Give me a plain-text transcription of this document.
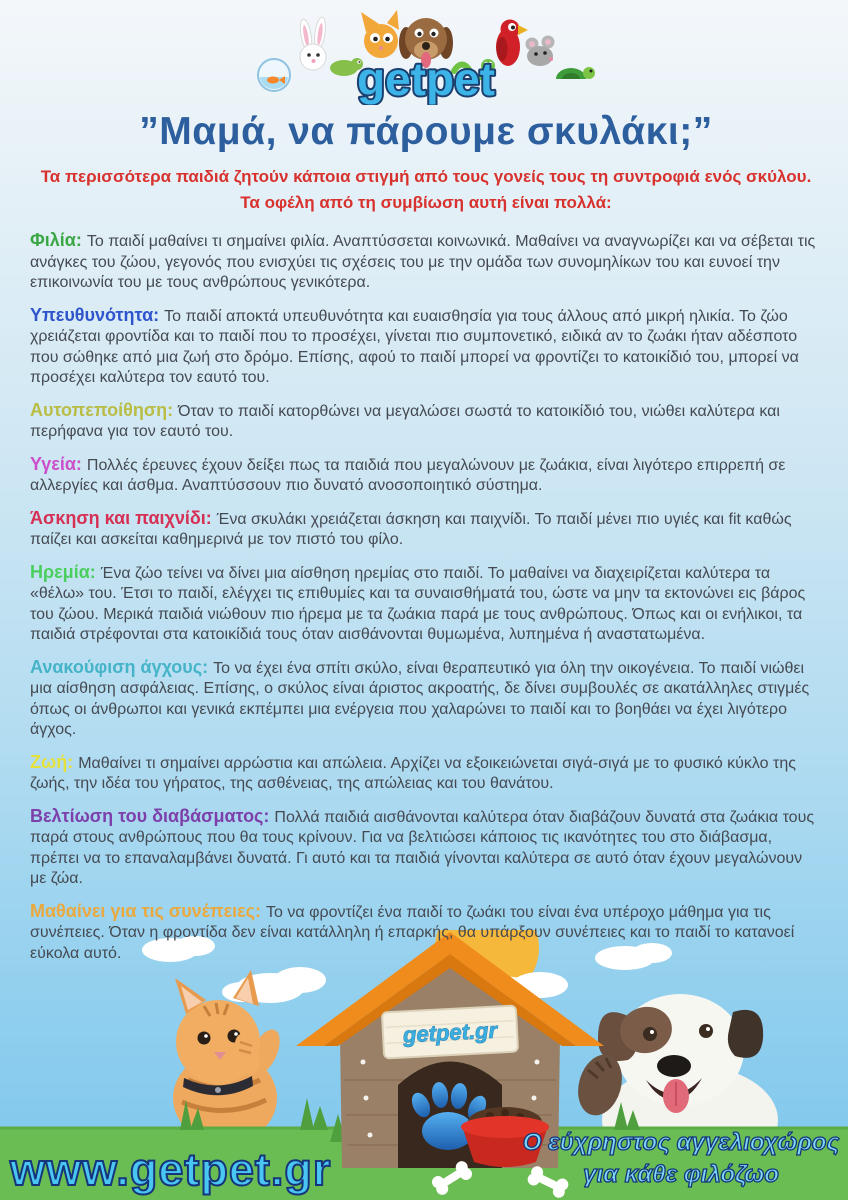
getpet
”Μαμά, να πάρουμε σκυλάκι;”
Τα περισσότερα παιδιά ζητούν κάποια στιγμή από τους γονείς τους τη συντροφιά ενός σκύλου. Τα οφέλη από τη συμβίωση αυτή είναι πολλά:

Φιλία: Το παιδί μαθαίνει τι σημαίνει φιλία. Αναπτύσσεται κοινωνικά. Μαθαίνει να αναγνωρίζει και να σέβεται τις ανάγκες του ζώου, γεγονός που ενισχύει τις σχέσεις του με την ομάδα των συνομηλίκων του και ευνοεί την επικοινωνία του με τους ανθρώπους γενικότερα.

Υπευθυνότητα: Το παιδί αποκτά υπευθυνότητα και ευαισθησία για τους άλλους από μικρή ηλικία. Το ζώο χρειάζεται φροντίδα και το παιδί που το προσέχει, γίνεται πιο συμπονετικό, ειδικά αν το ζωάκι ήταν αδέσποτο που σώθηκε από μια ζωή στο δρόμο. Επίσης, αφού το παιδί μπορεί να φροντίζει το κατοικίδιό του, μπορεί να προσέχει καλύτερα τον εαυτό του.

Αυτοπεποίθηση: Όταν το παιδί κατορθώνει να μεγαλώσει σωστά το κατοικίδιό του, νιώθει καλύτερα και περήφανα για τον εαυτό του.

Υγεία: Πολλές έρευνες έχουν δείξει πως τα παιδιά που μεγαλώνουν με ζωάκια, είναι λιγότερο επιρρεπή σε αλλεργίες και άσθμα. Αναπτύσσουν πιο δυνατό ανοσοποιητικό σύστημα.

Άσκηση και παιχνίδι: Ένα σκυλάκι χρειάζεται άσκηση και παιχνίδι. Το παιδί μένει πιο υγιές και fit καθώς παίζει και ασκείται καθημερινά με τον πιστό του φίλο.

Ηρεμία: Ένα ζώο τείνει να δίνει μια αίσθηση ηρεμίας στο παιδί. Το μαθαίνει να διαχειρίζεται καλύτερα τα «θέλω» του. Έτσι το παιδί, ελέγχει τις επιθυμίες και τα συναισθήματά του, ώστε να μην τα εκτονώνει εις βάρος του ζώου. Μερικά παιδιά νιώθουν πιο ήρεμα με τα ζωάκια παρά με τους ανθρώπους. Όπως και οι ενήλικοι, τα παιδιά στρέφονται στα κατοικίδιά τους όταν αισθάνονται θυμωμένα, λυπημένα ή αναστατωμένα.

Ανακούφιση άγχους: Το να έχει ένα σπίτι σκύλο, είναι θεραπευτικό για όλη την οικογένεια. Το παιδί νιώθει μια αίσθηση ασφάλειας. Επίσης, ο σκύλος είναι άριστος ακροατής, δε δίνει συμβουλές σε ακατάλληλες στιγμές όπως οι άνθρωποι και γενικά εκπέμπει μια ενέργεια που χαλαρώνει το παιδί και το βοηθάει να έχει λιγότερο άγχος.

Ζωή: Μαθαίνει τι σημαίνει αρρώστια και απώλεια. Αρχίζει να εξοικειώνεται σιγά-σιγά με το φυσικό κύκλο της ζωής, την ιδέα του γήρατος, της ασθένειας, της απώλειας και του θανάτου.

Βελτίωση του διαβάσματος: Πολλά παιδιά αισθάνονται καλύτερα όταν διαβάζουν δυνατά στα ζωάκια τους παρά στους ανθρώπους που θα τους κρίνουν. Για να βελτιώσει κάποιος τις ικανότητες του στο διάβασμα, πρέπει να το επαναλαμβάνει δυνατά. Γι αυτό και τα παιδιά γίνονται καλύτερα σε αυτό όταν έχουν μεγαλώνουν με ζώα.

Μαθαίνει για τις συνέπειες: Το να φροντίζει ένα παιδί το ζωάκι του είναι ένα υπέροχο μάθημα για τις συνέπειες. Όταν η φροντίδα δεν είναι κατάλληλη ή επαρκής, θα υπάρξουν συνέπειες και το παιδί το κατανοεί εύκολα αυτό.

getpet.gr
www.getpet.gr
Ο εύχρηστος αγγελιοχώρος
για κάθε φιλόζωο
